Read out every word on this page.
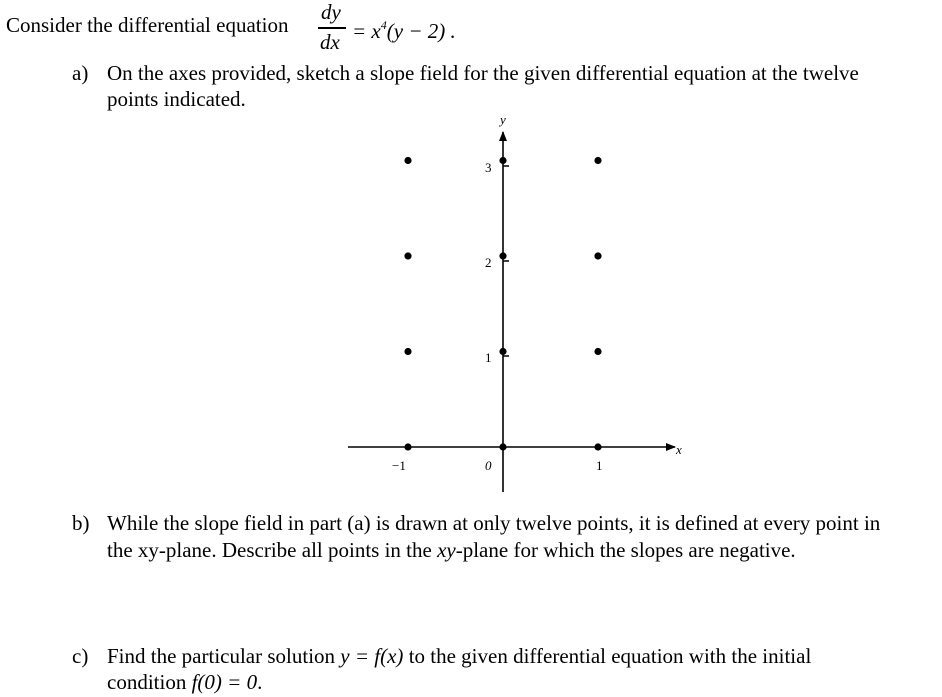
Consider the differential equation
dy
dx = $x^4(y - 2)$ .
a) On the axes provided, sketch a slope field for the given differential equation at the twelve
points indicated.
x
y
−1	0	1
1
2
3
b) While the slope field in part (a) is drawn at only twelve points, it is defined at every point in
the xy-plane. Describe all points in the xy-plane for which the slopes are negative.
c) Find the particular solution y = f(x) to the given differential equation with the initial
condition f(0) = 0.
